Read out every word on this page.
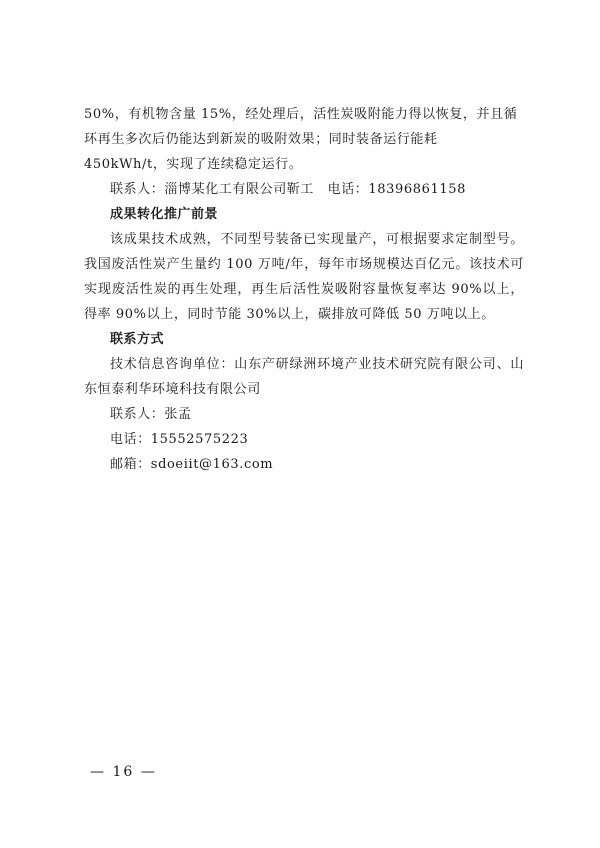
50%，有机物含量 15%，经处理后，活性炭吸附能力得以恢复，并且循环再生多次后仍能达到新炭的吸附效果；同时装备运行能耗 450kWh/t，实现了连续稳定运行。

联系人：淄博某化工有限公司靳工　电话：18396861158

成果转化推广前景

该成果技术成熟，不同型号装备已实现量产，可根据要求定制型号。我国废活性炭产生量约 100 万吨/年，每年市场规模达百亿元。该技术可实现废活性炭的再生处理，再生后活性炭吸附容量恢复率达 90%以上，得率 90%以上，同时节能 30%以上，碳排放可降低 50 万吨以上。

联系方式

技术信息咨询单位：山东产研绿洲环境产业技术研究院有限公司、山东恒泰利华环境科技有限公司

联系人：张孟

电话：15552575223

邮箱：sdoeiit@163.com

— 16 —
